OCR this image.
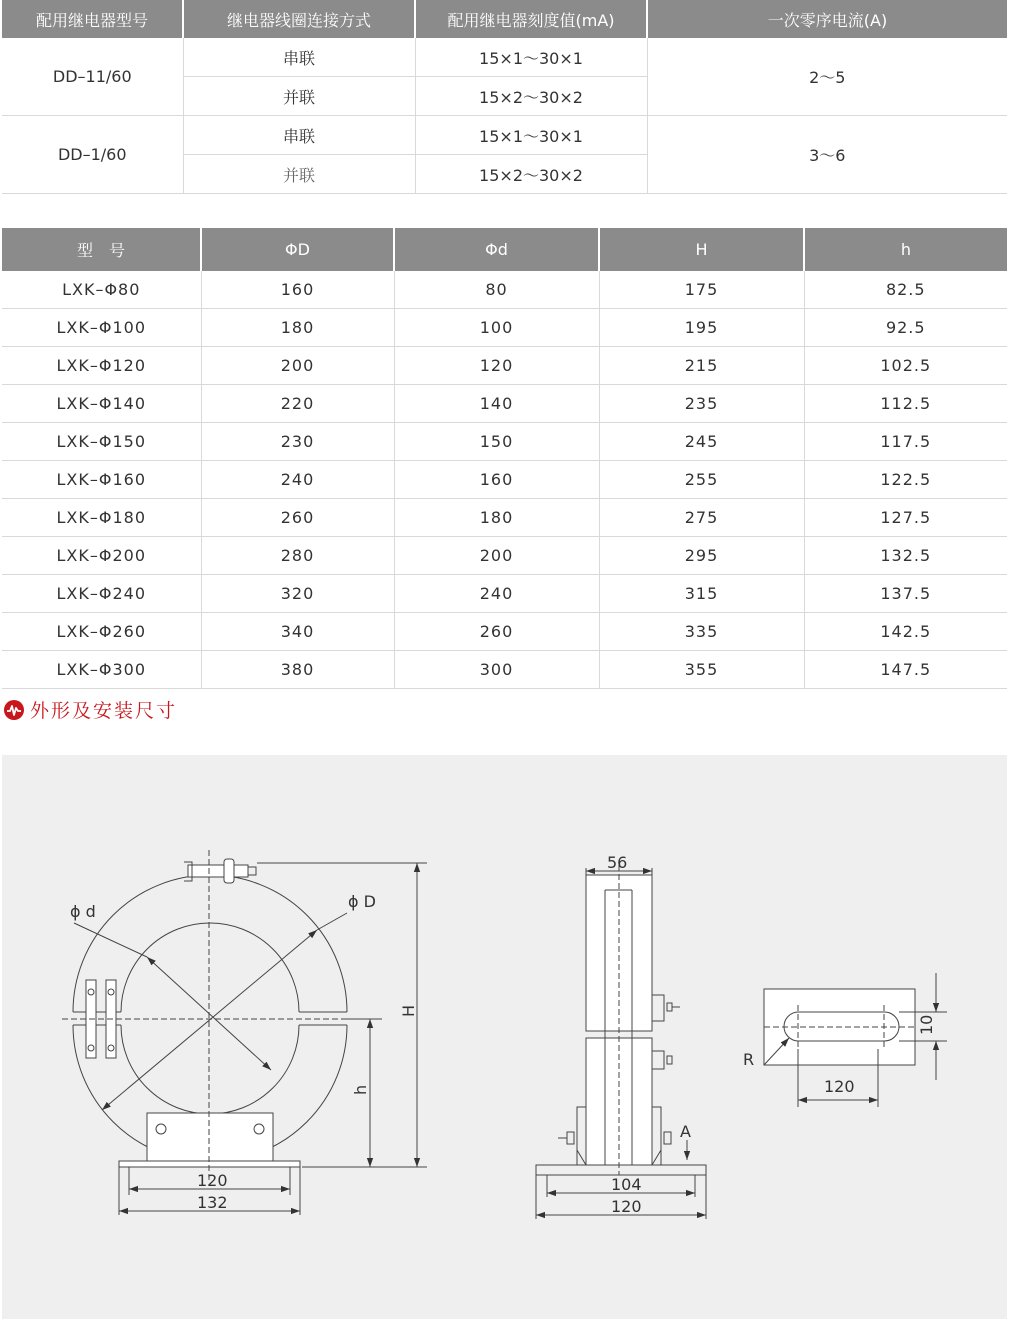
配用继电器型号	继电器线圈连接方式	配用继电器刻度值(mA)	一次零序电流(A)
DD–11/60	串联	15×1～30×1	2～5
	并联	15×2～30×2	
DD–1/60	串联	15×1～30×1	3～6
	并联	15×2～30×2	
型　号	ΦD	Φd	H	h
LXK–Φ80	160	80	175	82.5
LXK–Φ100	180	100	195	92.5
LXK–Φ120	200	120	215	102.5
LXK–Φ140	220	140	235	112.5
LXK–Φ150	230	150	245	117.5
LXK–Φ160	240	160	255	122.5
LXK–Φ180	260	180	275	127.5
LXK–Φ200	280	200	295	132.5
LXK–Φ240	320	240	315	137.5
LXK–Φ260	340	260	335	142.5
LXK–Φ300	380	300	355	147.5
外形及安装尺寸
ϕ d
ϕ D
H
h
120
132
56
A
104
120
R
10
120
